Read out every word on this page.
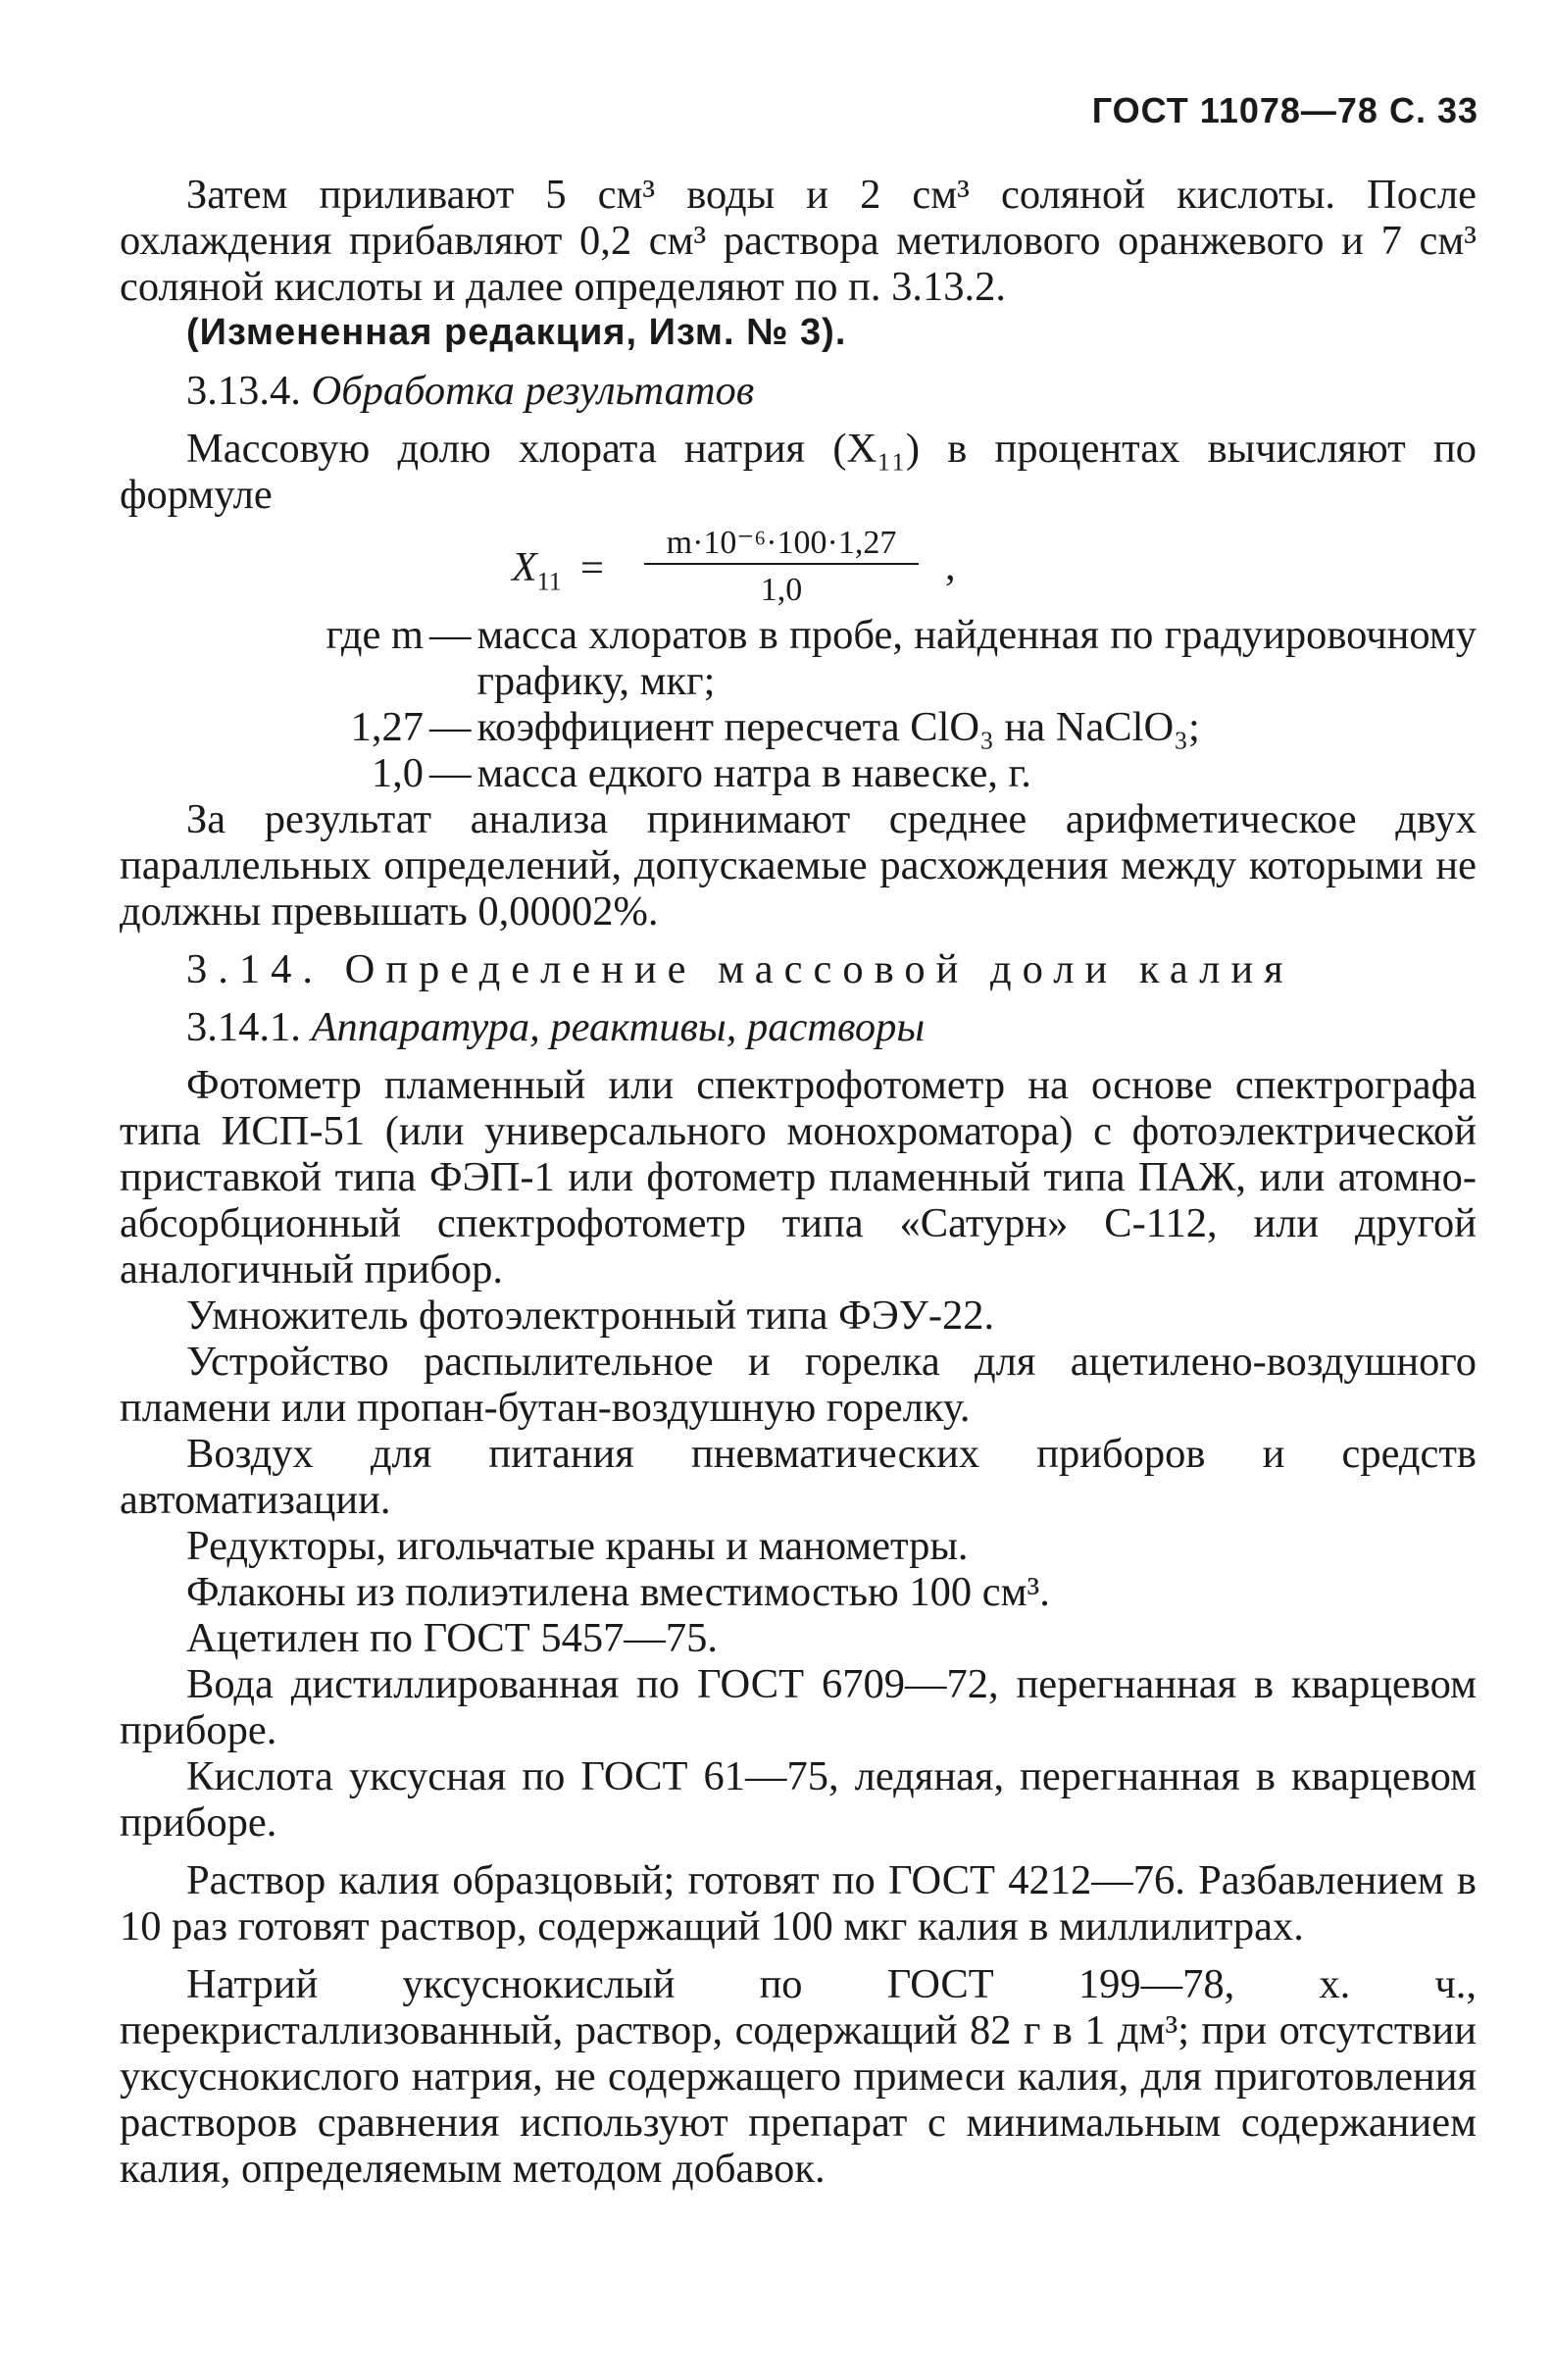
ГОСТ 11078—78 С. 33

Затем приливают 5 см³ воды и 2 см³ соляной кислоты. После охлаждения прибавляют 0,2 см³ раствора метилового оранжевого и 7 см³ соляной кислоты и далее определяют по п. 3.13.2.

(Измененная редакция, Изм. № 3).

3.13.4. Обработка результатов

Массовую долю хлората натрия (X₁₁) в процентах вычисляют по формуле

$X_{11}$ =
m·10⁻⁶·100·1,27
1,0
,
где m — масса хлоратов в пробе, найденная по градуировочному графику, мкг;
1,27 — коэффициент пересчета ClO₃ на NaClO₃;
1,0 — масса едкого натра в навеске, г.

За результат анализа принимают среднее арифметическое двух параллельных определений, допускаемые расхождения между которыми не должны превышать 0,00002%.

3.14. Определение массовой доли калия

3.14.1. Аппаратура, реактивы, растворы

Фотометр пламенный или спектрофотометр на основе спектрографа типа ИСП-51 (или универсального монохроматора) с фотоэлектрической приставкой типа ФЭП-1 или фотометр пламенный типа ПАЖ, или атомно-абсорбционный спектрофотометр типа «Сатурн» С-112, или другой аналогичный прибор.

Умножитель фотоэлектронный типа ФЭУ-22.

Устройство распылительное и горелка для ацетилено-воздушного пламени или пропан-бутан-воздушную горелку.

Воздух для питания пневматических приборов и средств автоматизации.

Редукторы, игольчатые краны и манометры.

Флаконы из полиэтилена вместимостью 100 см³.

Ацетилен по ГОСТ 5457—75.

Вода дистиллированная по ГОСТ 6709—72, перегнанная в кварцевом приборе.

Кислота уксусная по ГОСТ 61—75, ледяная, перегнанная в кварцевом приборе.

Раствор калия образцовый; готовят по ГОСТ 4212—76. Разбавлением в 10 раз готовят раствор, содержащий 100 мкг калия в миллилитрах.

Натрий уксуснокислый по ГОСТ 199—78, х. ч., перекристаллизованный, раствор, содержащий 82 г в 1 дм³; при отсутствии уксуснокислого натрия, не содержащего примеси калия, для приготовления растворов сравнения используют препарат с минимальным содержанием калия, определяемым методом добавок.
